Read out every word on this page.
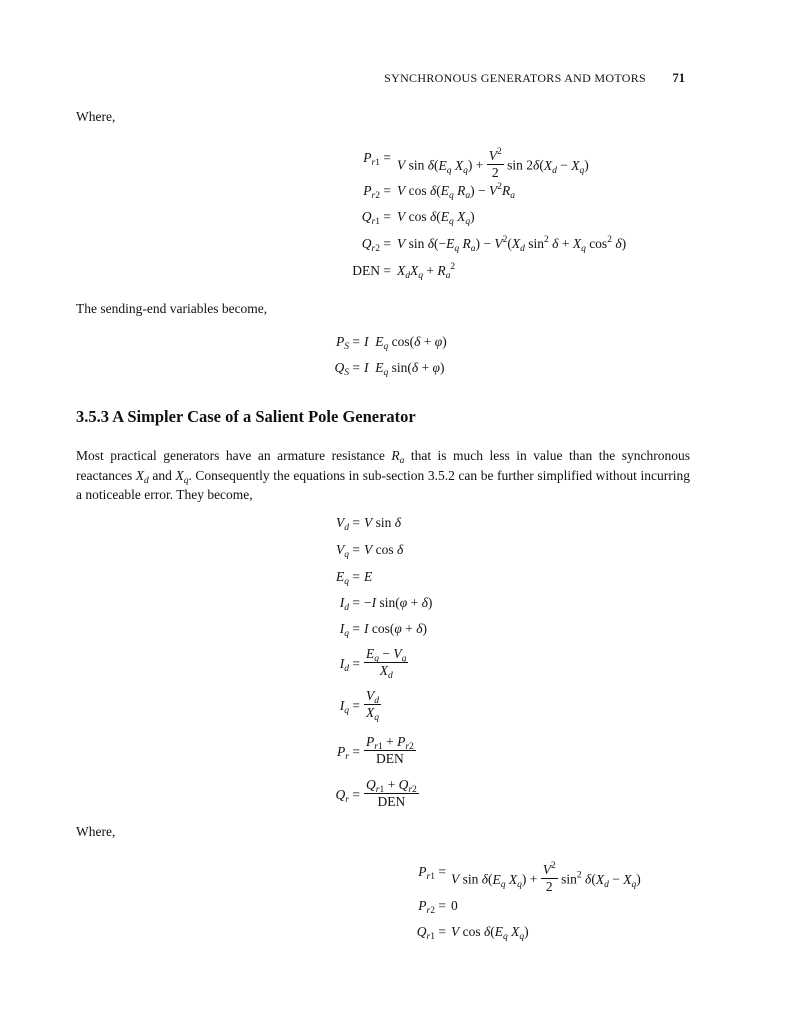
SYNCHRONOUS GENERATORS AND MOTORS 71
Where,
$P_{r1}$ =
V $\sin \delta(E_q$ $X_q) + \frac{V^2}{2}$ $\sin 2\delta(X_d - X_q)$
$P_{r2} = V$ $\cos \delta(E_q$ $R_a) - V^2R_a$
$Q_{r1} = V$ $\cos \delta(E_q$ $X_q$)
$Q_{r2} = V$ $\sin \delta(-E_q$ $R_a) - V^2(X_d$ $\sin^2 \delta + X_q$ $\cos^2 \delta$)
DEN = $X_dX_q + R_a^2$
The sending-end variables become,
$P_S = I$ $E_q$ cos(δ + φ)
$Q_S = I$ $E_q$ sin(δ + φ)
3.5.3 A Simpler Case of a Salient Pole Generator
Most practical generators have an armature resistance $R_a$ that is much less in value than the synchronous reactances $X_d$ and $X_q$. Consequently the equations in sub-section 3.5.2 can be further simplified without incurring a noticeable error. They become,
$V_d = V$ sin δ
$V_q = V$ cos δ
$E_q = E$
$I_d = -I$ sin(φ + δ)
$I_q = I$ cos(φ + δ)
$I_d = \frac{E_q - V_q}{X_d}$
$I_q = \frac{V_d}{X_q}$
$P_r = \frac{P_{r1} + P_{r2}}{\text{DEN}}$
$Q_r = \frac{Q_{r1} + Q_{r2}}{\text{DEN}}$
Where,
$P_{r1}$ =
V $\sin \delta(E_q$ $X_q) + \frac{V^2}{2} \sin^2 \delta(X_d - X_q)$
$P_{r2} = 0$
$Q_{r1} = V$ $\cos \delta(E_q$ $X_q$)
